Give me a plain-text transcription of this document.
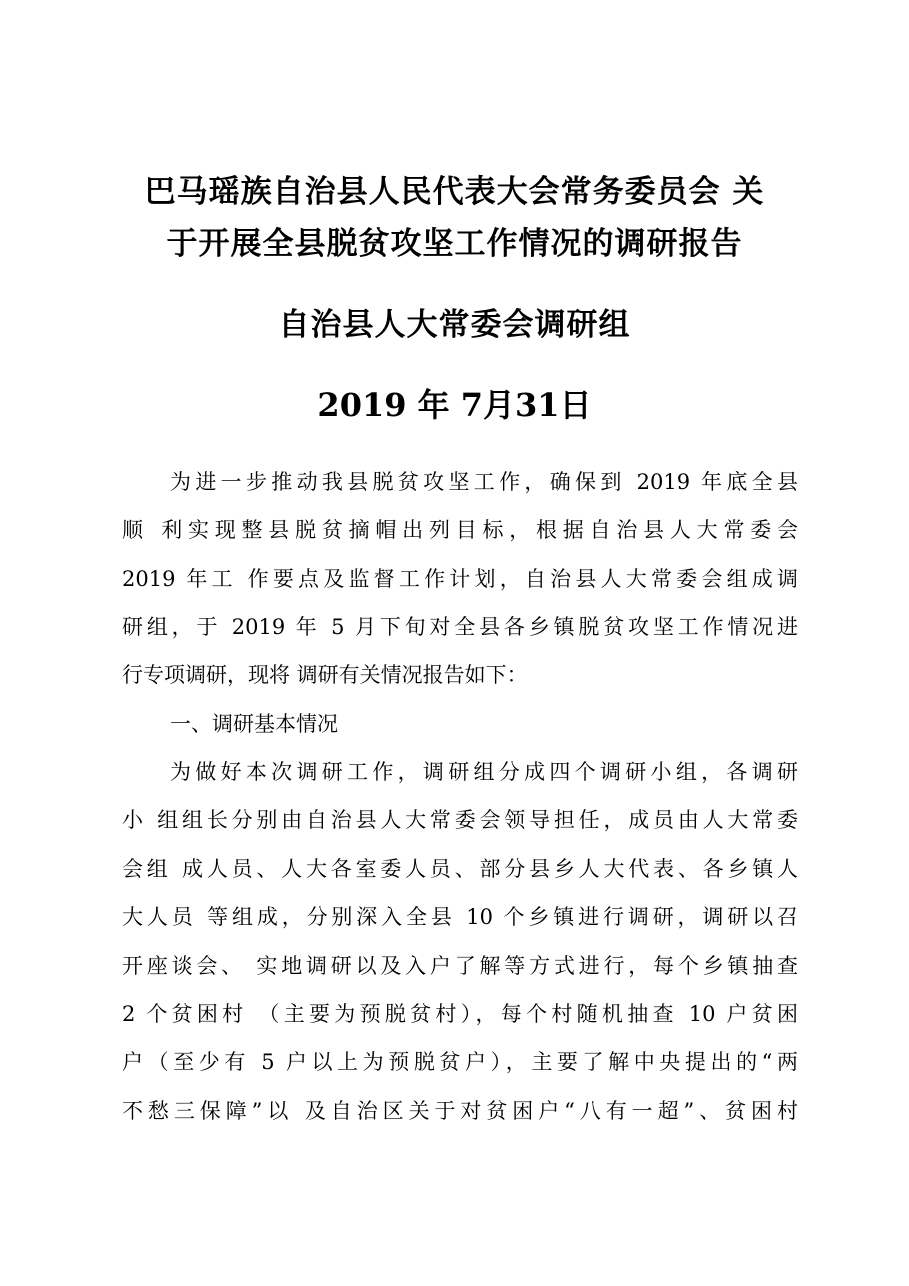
巴马瑶族自治县人民代表大会常务委员会 关
于开展全县脱贫攻坚工作情况的调研报告
自治县人大常委会调研组
2019 年 7月31日
为进一步推动我县脱贫攻坚工作，确保到 2019 年底全县
顺 利实现整县脱贫摘帽出列目标，根据自治县人大常委会
2019 年工 作要点及监督工作计划，自治县人大常委会组成调
研组，于 2019 年 5 月下旬对全县各乡镇脱贫攻坚工作情况进
行专项调研，现将 调研有关情况报告如下：
一、调研基本情况
为做好本次调研工作，调研组分成四个调研小组，各调研
小 组组长分别由自治县人大常委会领导担任，成员由人大常委
会组 成人员、人大各室委人员、部分县乡人大代表、各乡镇人
大人员 等组成，分别深入全县 10 个乡镇进行调研，调研以召
开座谈会、 实地调研以及入户了解等方式进行，每个乡镇抽查
2 个贫困村 （主要为预脱贫村），每个村随机抽查 10 户贫困
户（至少有 5 户以上为预脱贫户），主要了解中央提出的“两
不愁三保障”以 及自治区关于对贫困户“八有一超”、贫困村
